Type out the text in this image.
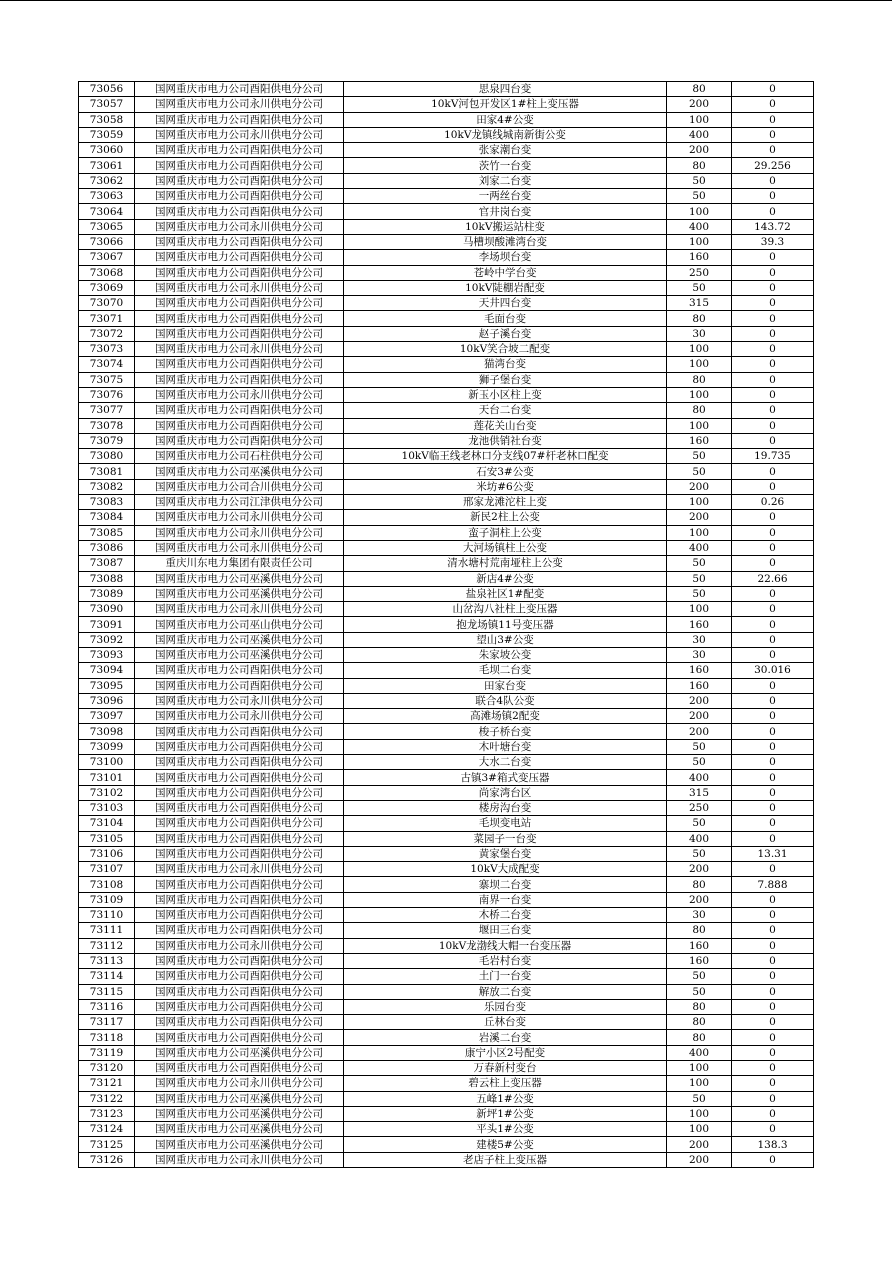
73056	国网重庆市电力公司酉阳供电分公司	思泉四台变	80	0
73057	国网重庆市电力公司永川供电分公司	10kV河包开发区1#柱上变压器	200	0
73058	国网重庆市电力公司酉阳供电分公司	田家4#公变	100	0
73059	国网重庆市电力公司永川供电分公司	10kV龙镇线城南新街公变	400	0
73060	国网重庆市电力公司酉阳供电分公司	张家潮台变	200	0
73061	国网重庆市电力公司酉阳供电分公司	茨竹一台变	80	29.256
73062	国网重庆市电力公司酉阳供电分公司	刘家二台变	50	0
73063	国网重庆市电力公司酉阳供电分公司	一两丝台变	50	0
73064	国网重庆市电力公司酉阳供电分公司	官井岗台变	100	0
73065	国网重庆市电力公司永川供电分公司	10kV搬运站柱变	400	143.72
73066	国网重庆市电力公司酉阳供电分公司	马槽坝酸滩湾台变	100	39.3
73067	国网重庆市电力公司酉阳供电分公司	李场坝台变	160	0
73068	国网重庆市电力公司酉阳供电分公司	苍岭中学台变	250	0
73069	国网重庆市电力公司永川供电分公司	10kV陡棚岩配变	50	0
73070	国网重庆市电力公司酉阳供电分公司	天井四台变	315	0
73071	国网重庆市电力公司酉阳供电分公司	毛面台变	80	0
73072	国网重庆市电力公司酉阳供电分公司	赵子溪台变	30	0
73073	国网重庆市电力公司永川供电分公司	10kV笑合坡二配变	100	0
73074	国网重庆市电力公司酉阳供电分公司	猫湾台变	100	0
73075	国网重庆市电力公司酉阳供电分公司	狮子堡台变	80	0
73076	国网重庆市电力公司永川供电分公司	新玉小区柱上变	100	0
73077	国网重庆市电力公司酉阳供电分公司	天台二台变	80	0
73078	国网重庆市电力公司酉阳供电分公司	莲花关山台变	100	0
73079	国网重庆市电力公司酉阳供电分公司	龙池供销社台变	160	0
73080	国网重庆市电力公司石柱供电分公司	10kV临王线老林口分支线07#杆老林口配变	50	19.735
73081	国网重庆市电力公司巫溪供电分公司	石安3#公变	50	0
73082	国网重庆市电力公司合川供电分公司	米坊#6公变	200	0
73083	国网重庆市电力公司江津供电分公司	邢家龙滩沱柱上变	100	0.26
73084	国网重庆市电力公司永川供电分公司	新民2柱上公变	200	0
73085	国网重庆市电力公司永川供电分公司	蛮子洞柱上公变	100	0
73086	国网重庆市电力公司永川供电分公司	大河场镇柱上公变	400	0
73087	重庆川东电力集团有限责任公司	清水塘村荒南垭柱上公变	50	0
73088	国网重庆市电力公司巫溪供电分公司	新店4#公变	50	22.66
73089	国网重庆市电力公司巫溪供电分公司	盐泉社区1#配变	50	0
73090	国网重庆市电力公司永川供电分公司	山岔沟八社柱上变压器	100	0
73091	国网重庆市电力公司巫山供电分公司	抱龙场镇11号变压器	160	0
73092	国网重庆市电力公司巫溪供电分公司	望山3#公变	30	0
73093	国网重庆市电力公司巫溪供电分公司	朱家坡公变	30	0
73094	国网重庆市电力公司酉阳供电分公司	毛坝二台变	160	30.016
73095	国网重庆市电力公司酉阳供电分公司	田家台变	160	0
73096	国网重庆市电力公司永川供电分公司	联合4队公变	200	0
73097	国网重庆市电力公司永川供电分公司	高滩场镇2配变	200	0
73098	国网重庆市电力公司酉阳供电分公司	梭子桥台变	200	0
73099	国网重庆市电力公司酉阳供电分公司	木叶塘台变	50	0
73100	国网重庆市电力公司酉阳供电分公司	大水二台变	50	0
73101	国网重庆市电力公司酉阳供电分公司	古镇3#箱式变压器	400	0
73102	国网重庆市电力公司酉阳供电分公司	尚家湾台区	315	0
73103	国网重庆市电力公司酉阳供电分公司	楼房沟台变	250	0
73104	国网重庆市电力公司酉阳供电分公司	毛坝变电站	50	0
73105	国网重庆市电力公司酉阳供电分公司	菜园子一台变	400	0
73106	国网重庆市电力公司酉阳供电分公司	黄家堡台变	50	13.31
73107	国网重庆市电力公司永川供电分公司	10kV大成配变	200	0
73108	国网重庆市电力公司酉阳供电分公司	寨坝二台变	80	7.888
73109	国网重庆市电力公司酉阳供电分公司	南界一台变	200	0
73110	国网重庆市电力公司酉阳供电分公司	木桥二台变	30	0
73111	国网重庆市电力公司酉阳供电分公司	堰田三台变	80	0
73112	国网重庆市电力公司永川供电分公司	10kV龙渤线大帽一台变压器	160	0
73113	国网重庆市电力公司酉阳供电分公司	毛岩村台变	160	0
73114	国网重庆市电力公司酉阳供电分公司	土门一台变	50	0
73115	国网重庆市电力公司酉阳供电分公司	解放二台变	50	0
73116	国网重庆市电力公司酉阳供电分公司	乐园台变	80	0
73117	国网重庆市电力公司酉阳供电分公司	丘林台变	80	0
73118	国网重庆市电力公司酉阳供电分公司	岩溪二台变	80	0
73119	国网重庆市电力公司巫溪供电分公司	康宁小区2号配变	400	0
73120	国网重庆市电力公司酉阳供电分公司	万春新村变台	100	0
73121	国网重庆市电力公司永川供电分公司	碧云柱上变压器	100	0
73122	国网重庆市电力公司巫溪供电分公司	五峰1#公变	50	0
73123	国网重庆市电力公司巫溪供电分公司	新坪1#公变	100	0
73124	国网重庆市电力公司巫溪供电分公司	平头1#公变	100	0
73125	国网重庆市电力公司巫溪供电分公司	建楼5#公变	200	138.3
73126	国网重庆市电力公司永川供电分公司	老店子柱上变压器	200	0
